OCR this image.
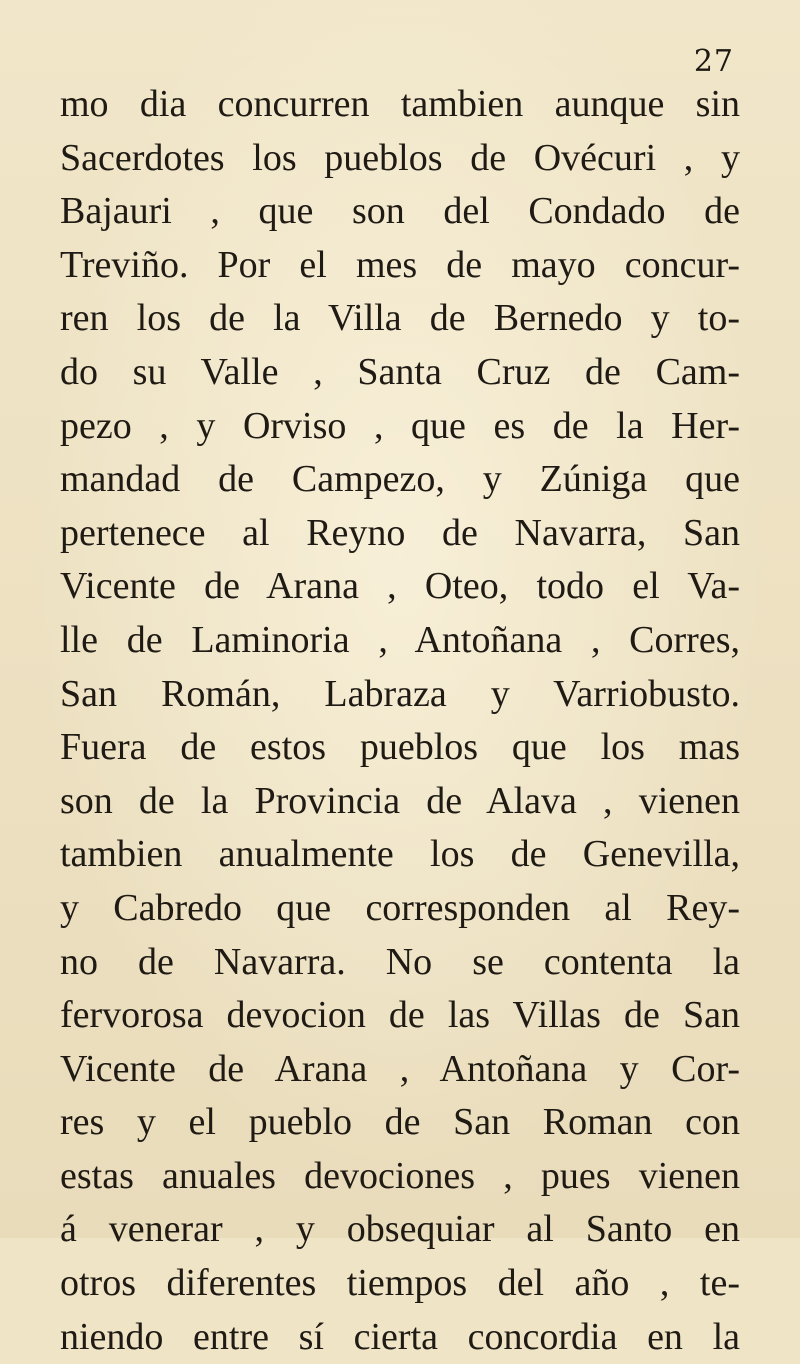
27
mo dia concurren tambien aunque sin
Sacerdotes los pueblos de Ovécuri , y
Bajauri , que son del Condado de
Treviño. Por el mes de mayo concur-
ren los de la Villa de Bernedo y to-
do su Valle , Santa Cruz de Cam-
pezo , y Orviso , que es de la Her-
mandad de Campezo, y Zúniga que
pertenece al Reyno de Navarra, San
Vicente de Arana , Oteo, todo el Va-
lle de Laminoria , Antoñana , Corres,
San Román, Labraza y Varriobusto.
Fuera de estos pueblos que los mas
son de la Provincia de Alava , vienen
tambien anualmente los de Genevilla,
y Cabredo que corresponden al Rey-
no de Navarra. No se contenta la
fervorosa devocion de las Villas de San
Vicente de Arana , Antoñana y Cor-
res y el pueblo de San Roman con
estas anuales devociones , pues vienen
á venerar , y obsequiar al Santo en
otros diferentes tiempos del año , te-
niendo entre sí cierta concordia en la
